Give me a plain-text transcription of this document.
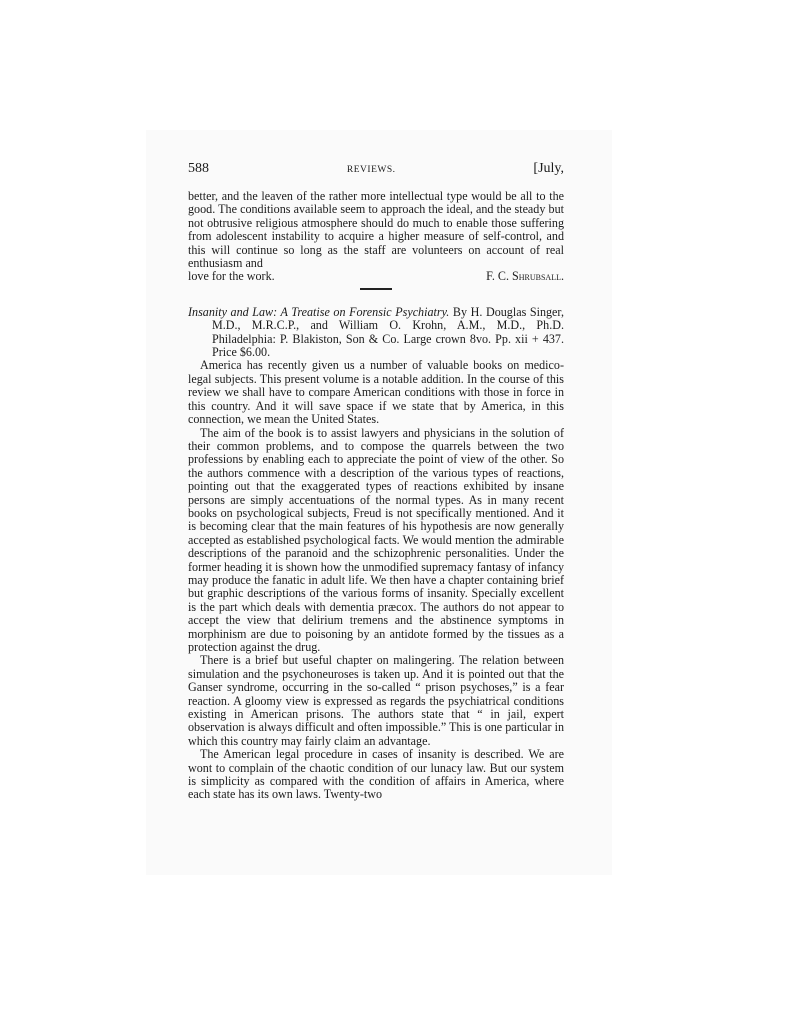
588	REVIEWS.	[July,

better, and the leaven of the rather more intellectual type would be all to the good. The conditions available seem to approach the ideal, and the steady but not obtrusive religious atmosphere should do much to enable those suffering from adolescent instability to acquire a higher measure of self-control, and this will continue so long as the staff are volunteers on account of real enthusiasm and

love for the work.	F. C. Shrubsall.

Insanity and Law: A Treatise on Forensic Psychiatry. By H. Douglas Singer, M.D., M.R.C.P., and William O. Krohn, A.M., M.D., Ph.D. Philadelphia: P. Blakiston, Son & Co. Large crown 8vo. Pp. xii + 437. Price $6.00.

America has recently given us a number of valuable books on medico-legal subjects. This present volume is a notable addition. In the course of this review we shall have to compare American conditions with those in force in this country. And it will save space if we state that by America, in this connection, we mean the United States.

The aim of the book is to assist lawyers and physicians in the solution of their common problems, and to compose the quarrels between the two professions by enabling each to appreciate the point of view of the other. So the authors commence with a description of the various types of reactions, pointing out that the exaggerated types of reactions exhibited by insane persons are simply accentuations of the normal types. As in many recent books on psychological subjects, Freud is not specifically mentioned. And it is becoming clear that the main features of his hypothesis are now generally accepted as established psychological facts. We would mention the admirable descriptions of the paranoid and the schizophrenic personalities. Under the former heading it is shown how the unmodified supremacy fantasy of infancy may produce the fanatic in adult life. We then have a chapter containing brief but graphic descriptions of the various forms of insanity. Specially excellent is the part which deals with dementia præcox. The authors do not appear to accept the view that delirium tremens and the abstinence symptoms in morphinism are due to poisoning by an antidote formed by the tissues as a protection against the drug.

There is a brief but useful chapter on malingering. The relation between simulation and the psychoneuroses is taken up. And it is pointed out that the Ganser syndrome, occurring in the so-called “ prison psychoses,” is a fear reaction. A gloomy view is expressed as regards the psychiatrical conditions existing in American prisons. The authors state that “ in jail, expert observation is always difficult and often impossible.” This is one particular in which this country may fairly claim an advantage.

The American legal procedure in cases of insanity is described. We are wont to complain of the chaotic condition of our lunacy law. But our system is simplicity as compared with the condition of affairs in America, where each state has its own laws. Twenty-two
